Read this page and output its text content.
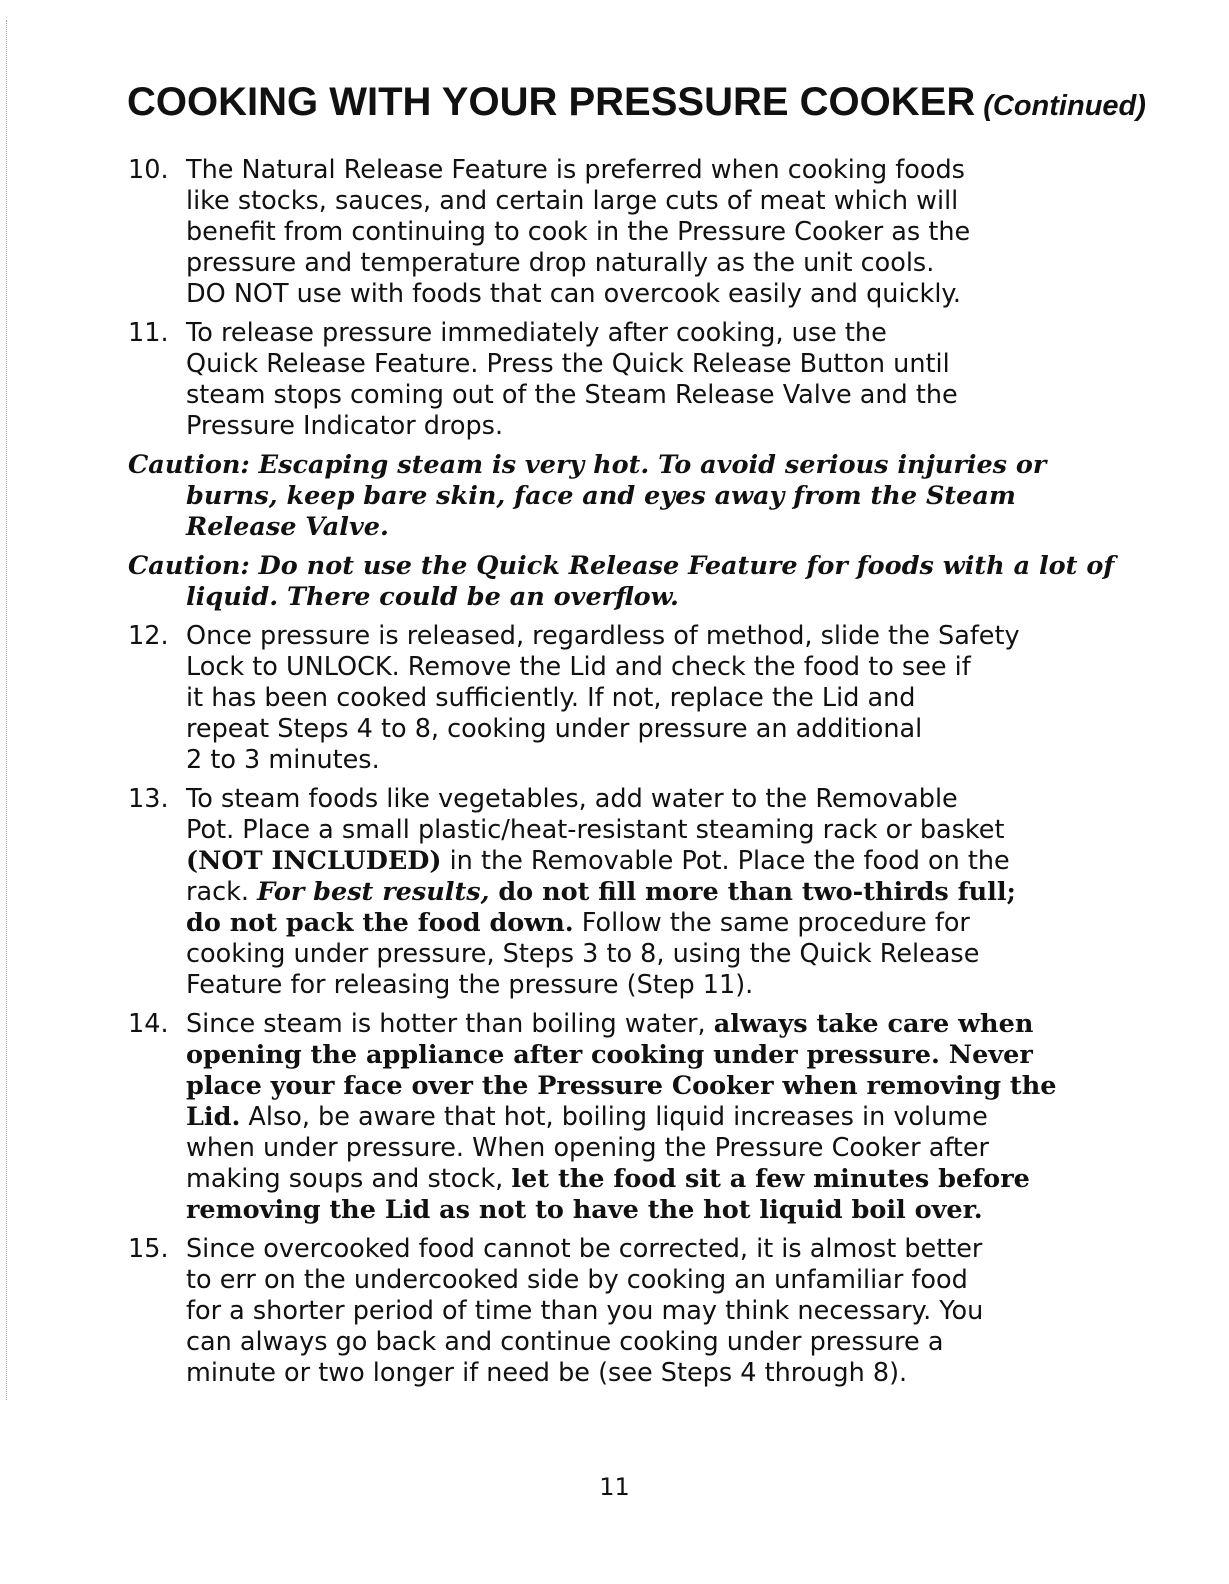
COOKING WITH YOUR PRESSURE COOKER (Continued)
10. The Natural Release Feature is preferred when cooking foods
like stocks, sauces, and certain large cuts of meat which will
benefit from continuing to cook in the Pressure Cooker as the
pressure and temperature drop naturally as the unit cools.
DO NOT use with foods that can overcook easily and quickly.
11. To release pressure immediately after cooking, use the
Quick Release Feature. Press the Quick Release Button until
steam stops coming out of the Steam Release Valve and the
Pressure Indicator drops.
Caution: Escaping steam is very hot. To avoid serious injuries or burns, keep bare skin, face and eyes away from the Steam Release Valve.
Caution: Do not use the Quick Release Feature for foods with a lot of liquid. There could be an overflow.
12. Once pressure is released, regardless of method, slide the Safety
Lock to UNLOCK. Remove the Lid and check the food to see if
it has been cooked sufficiently. If not, replace the Lid and
repeat Steps 4 to 8, cooking under pressure an additional
2 to 3 minutes.
13. To steam foods like vegetables, add water to the Removable
Pot. Place a small plastic/heat-resistant steaming rack or basket
(NOT INCLUDED) in the Removable Pot. Place the food on the
rack. For best results, do not fill more than two-thirds full;
do not pack the food down. Follow the same procedure for
cooking under pressure, Steps 3 to 8, using the Quick Release
Feature for releasing the pressure (Step 11).
14. Since steam is hotter than boiling water, always take care when
opening the appliance after cooking under pressure. Never
place your face over the Pressure Cooker when removing the
Lid. Also, be aware that hot, boiling liquid increases in volume
when under pressure. When opening the Pressure Cooker after
making soups and stock, let the food sit a few minutes before
removing the Lid as not to have the hot liquid boil over.
15. Since overcooked food cannot be corrected, it is almost better
to err on the undercooked side by cooking an unfamiliar food
for a shorter period of time than you may think necessary. You
can always go back and continue cooking under pressure a
minute or two longer if need be (see Steps 4 through 8).
11
